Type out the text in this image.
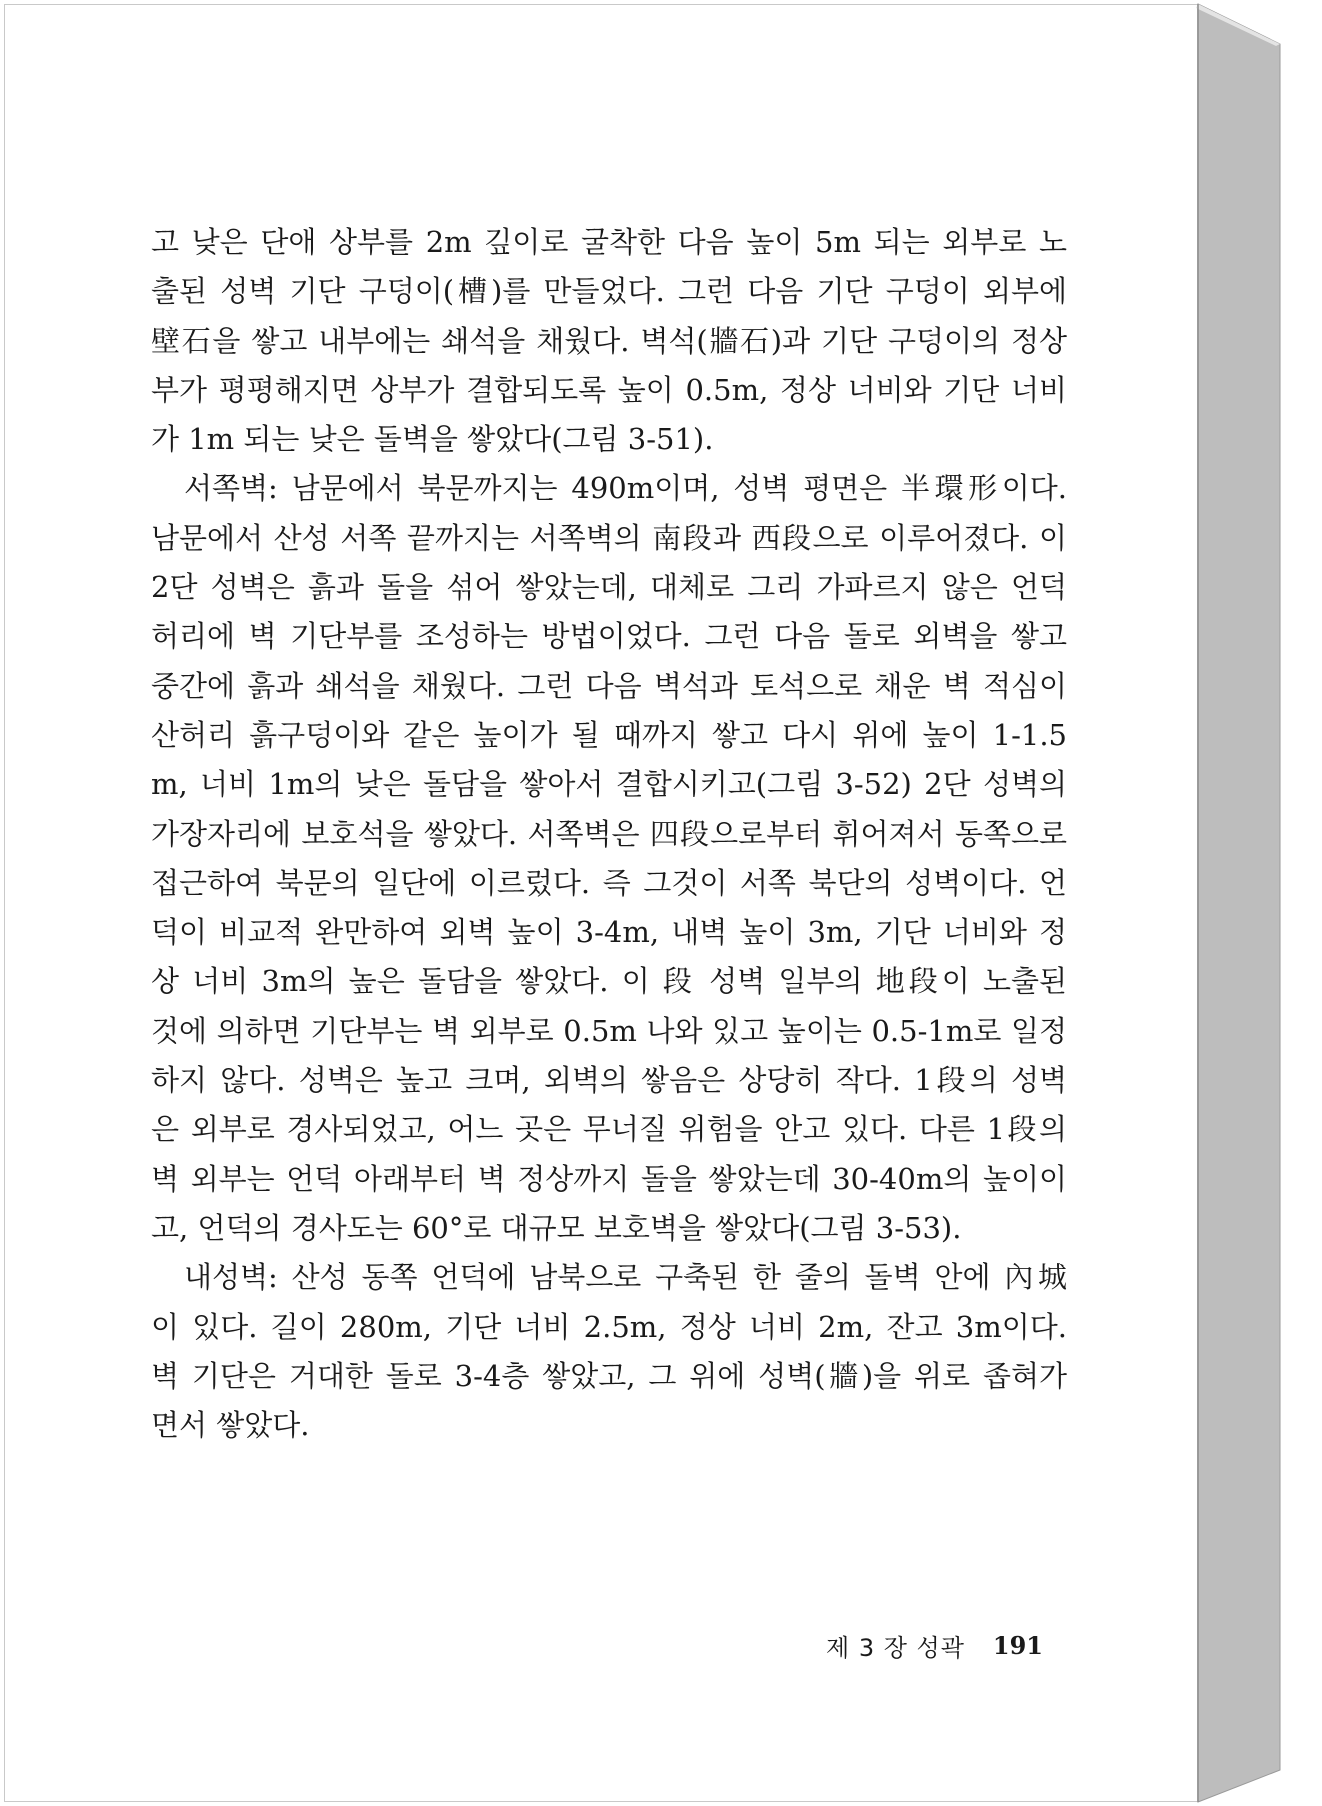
고 낮은 단애 상부를 2m 깊이로 굴착한 다음 높이 5m 되는 외부로 노
출된 성벽 기단 구덩이(槽)를 만들었다. 그런 다음 기단 구덩이 외부에
壁石을 쌓고 내부에는 쇄석을 채웠다. 벽석(牆石)과 기단 구덩이의 정상
부가 평평해지면 상부가 결합되도록 높이 0.5m, 정상 너비와 기단 너비
가 1m 되는 낮은 돌벽을 쌓았다(그림 3-51).
서쪽벽: 남문에서 북문까지는 490m이며, 성벽 평면은 半環形이다.
남문에서 산성 서쪽 끝까지는 서쪽벽의 南段과 西段으로 이루어졌다. 이
2단 성벽은 흙과 돌을 섞어 쌓았는데, 대체로 그리 가파르지 않은 언덕
허리에 벽 기단부를 조성하는 방법이었다. 그런 다음 돌로 외벽을 쌓고
중간에 흙과 쇄석을 채웠다. 그런 다음 벽석과 토석으로 채운 벽 적심이
산허리 흙구덩이와 같은 높이가 될 때까지 쌓고 다시 위에 높이 1-1.5
m, 너비 1m의 낮은 돌담을 쌓아서 결합시키고(그림 3-52) 2단 성벽의
가장자리에 보호석을 쌓았다. 서쪽벽은 四段으로부터 휘어져서 동쪽으로
접근하여 북문의 일단에 이르렀다. 즉 그것이 서쪽 북단의 성벽이다. 언
덕이 비교적 완만하여 외벽 높이 3-4m, 내벽 높이 3m, 기단 너비와 정
상 너비 3m의 높은 돌담을 쌓았다. 이 段 성벽 일부의 地段이 노출된
것에 의하면 기단부는 벽 외부로 0.5m 나와 있고 높이는 0.5-1m로 일정
하지 않다. 성벽은 높고 크며, 외벽의 쌓음은 상당히 작다. 1段의 성벽
은 외부로 경사되었고, 어느 곳은 무너질 위험을 안고 있다. 다른 1段의
벽 외부는 언덕 아래부터 벽 정상까지 돌을 쌓았는데 30-40m의 높이이
고, 언덕의 경사도는 60°로 대규모 보호벽을 쌓았다(그림 3-53).
내성벽: 산성 동쪽 언덕에 남북으로 구축된 한 줄의 돌벽 안에 內城
이 있다. 길이 280m, 기단 너비 2.5m, 정상 너비 2m, 잔고 3m이다.
벽 기단은 거대한 돌로 3-4층 쌓았고, 그 위에 성벽(牆)을 위로 좁혀가
면서 쌓았다.
제 3 장 성곽 191
